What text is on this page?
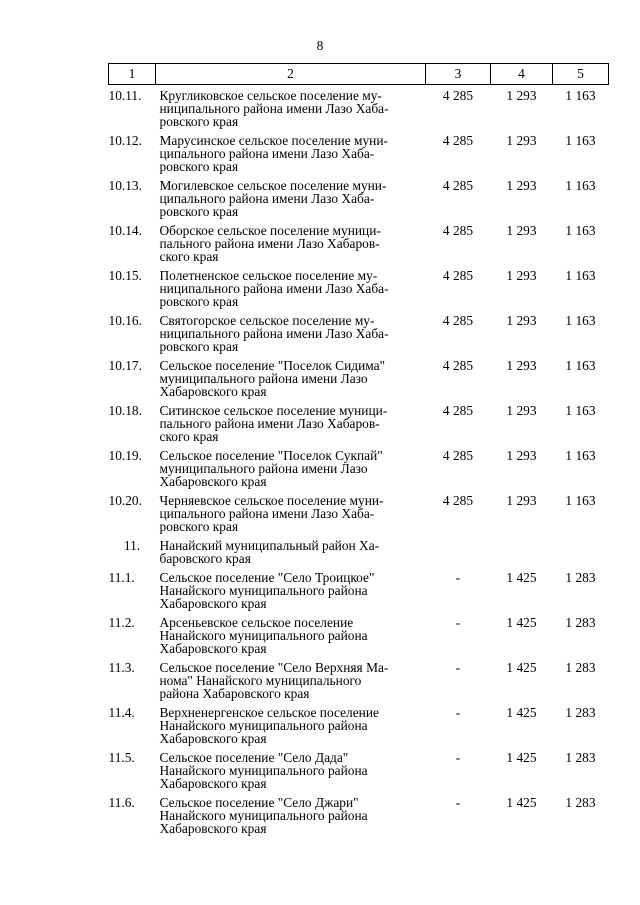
8
1	2	3	4	5
10.11.	Кругликовское сельское поселение му-
ниципального района имени Лазо Хаба-
ровского края	4 285	1 293	1 163
10.12.	Марусинское сельское поселение муни-
ципального района имени Лазо Хаба-
ровского края	4 285	1 293	1 163
10.13.	Могилевское сельское поселение муни-
ципального района имени Лазо Хаба-
ровского края	4 285	1 293	1 163
10.14.	Оборское сельское поселение муници-
пального района имени Лазо Хабаров-
ского края	4 285	1 293	1 163
10.15.	Полетненское сельское поселение му-
ниципального района имени Лазо Хаба-
ровского края	4 285	1 293	1 163
10.16.	Святогорское сельское поселение му-
ниципального района имени Лазо Хаба-
ровского края	4 285	1 293	1 163
10.17.	Сельское поселение "Поселок Сидима"
муниципального района имени Лазо
Хабаровского края	4 285	1 293	1 163
10.18.	Ситинское сельское поселение муници-
пального района имени Лазо Хабаров-
ского края	4 285	1 293	1 163
10.19.	Сельское поселение "Поселок Сукпай"
муниципального района имени Лазо
Хабаровского края	4 285	1 293	1 163
10.20.	Черняевское сельское поселение муни-
ципального района имени Лазо Хаба-
ровского края	4 285	1 293	1 163
11.	Нанайский муниципальный район Ха-
баровского края			

11.1.	Сельское поселение "Село Троицкое"
Нанайского муниципального района
Хабаровского края	-	1 425	1 283
11.2.	Арсеньевское сельское поселение
Нанайского муниципального района
Хабаровского края	-	1 425	1 283
11.3.	Сельское поселение "Село Верхняя Ма-
нома" Нанайского муниципального
района Хабаровского края	-	1 425	1 283
11.4.	Верхненергенское сельское поселение
Нанайского муниципального района
Хабаровского края	-	1 425	1 283
11.5.	Сельское поселение "Село Дада"
Нанайского муниципального района
Хабаровского края	-	1 425	1 283
11.6.	Сельское поселение "Село Джари"
Нанайского муниципального района
Хабаровского края	-	1 425	1 283
